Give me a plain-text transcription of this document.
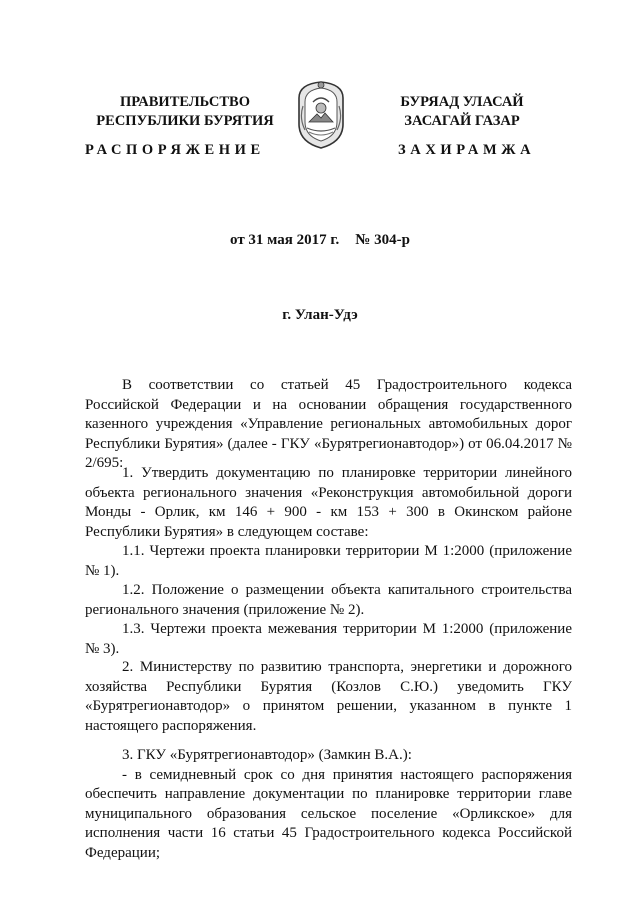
ПРАВИТЕЛЬСТВО
РЕСПУБЛИКИ БУРЯТИЯ
БУРЯАД УЛАСАЙ
ЗАСАГАЙ ГАЗАР
РАСПОРЯЖЕНИЕ	ЗАХИРАМЖА
от 31 мая 2017 г. № 304-р
г. Улан-Удэ

В соответствии со статьей 45 Градостроительного кодекса Российской Федерации и на основании обращения государственного казенного учреждения «Управление региональных автомобильных дорог Республики Бурятия» (далее - ГКУ «Бурятрегионавтодор») от 06.04.2017 № 2/695:

1. Утвердить документацию по планировке территории линейного объекта регионального значения «Реконструкция автомобильной дороги Монды - Орлик, км 146 + 900 - км 153 + 300 в Окинском районе Республики Бурятия» в следующем составе:

1.1. Чертежи проекта планировки территории М 1:2000 (приложение № 1).

1.2. Положение о размещении объекта капитального строительства регионального значения (приложение № 2).

1.3. Чертежи проекта межевания территории М 1:2000 (приложение № 3).

2. Министерству по развитию транспорта, энергетики и дорожного хозяйства Республики Бурятия (Козлов С.Ю.) уведомить ГКУ «Бурятрегионавтодор» о принятом решении, указанном в пункте 1 настоящего распоряжения.

3. ГКУ «Бурятрегионавтодор» (Замкин В.А.):

- в семидневный срок со дня принятия настоящего распоряжения обеспечить направление документации по планировке территории главе муниципального образования сельское поселение «Орликское» для исполнения части 16 статьи 45 Градостроительного кодекса Российской Федерации;
